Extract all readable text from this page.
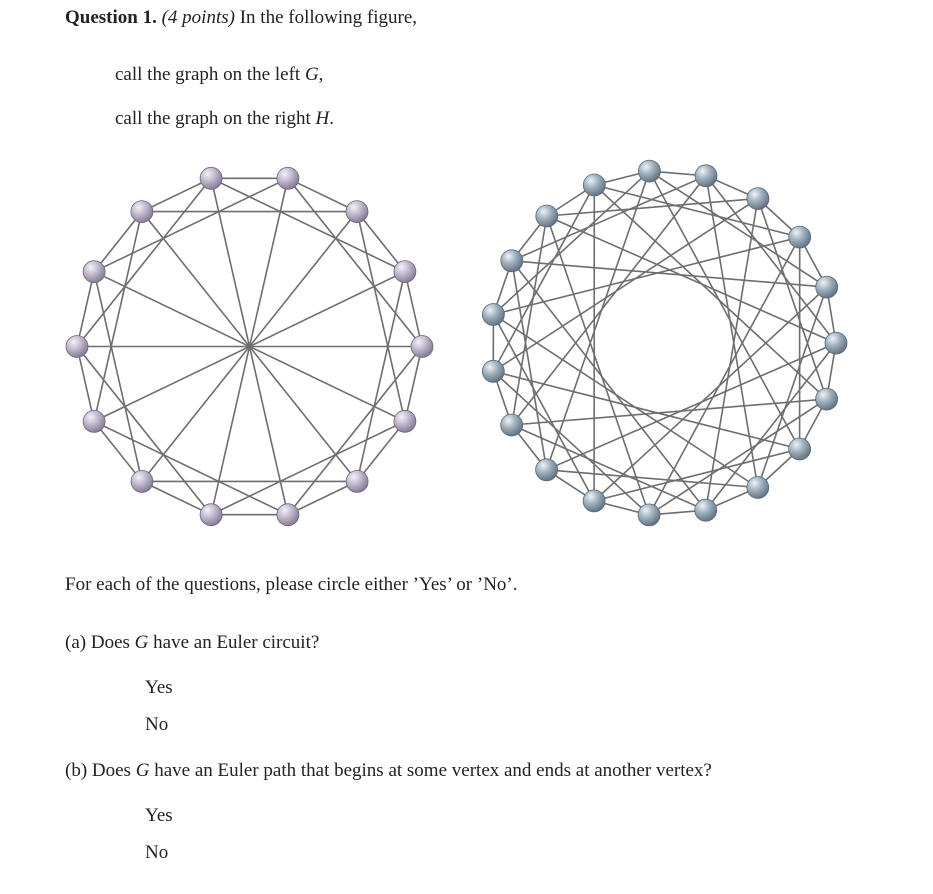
Question 1. (4 points) In the following figure,
call the graph on the left G,
call the graph on the right H.
For each of the questions, please circle either ’Yes’ or ’No’.
(a) Does G have an Euler circuit?
Yes
No
(b) Does G have an Euler path that begins at some vertex and ends at another vertex?
Yes
No
